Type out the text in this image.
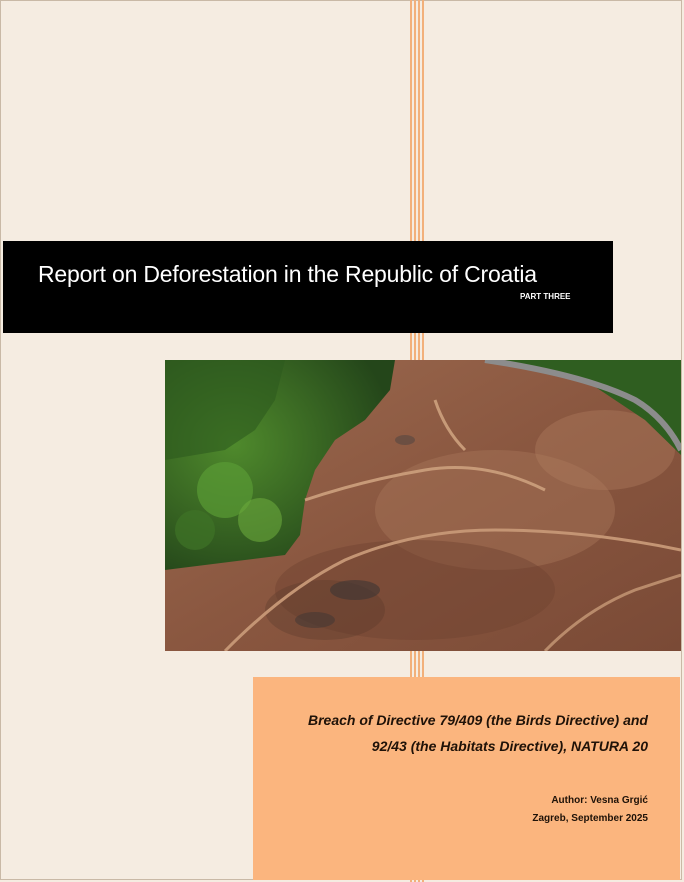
Report on Deforestation in the Republic of Croatia
PART THREE
Breach of Directive 79/409 (the Birds Directive) and
92/43 (the Habitats Directive), NATURA 20
Author: Vesna Grgić
Zagreb, September 2025
